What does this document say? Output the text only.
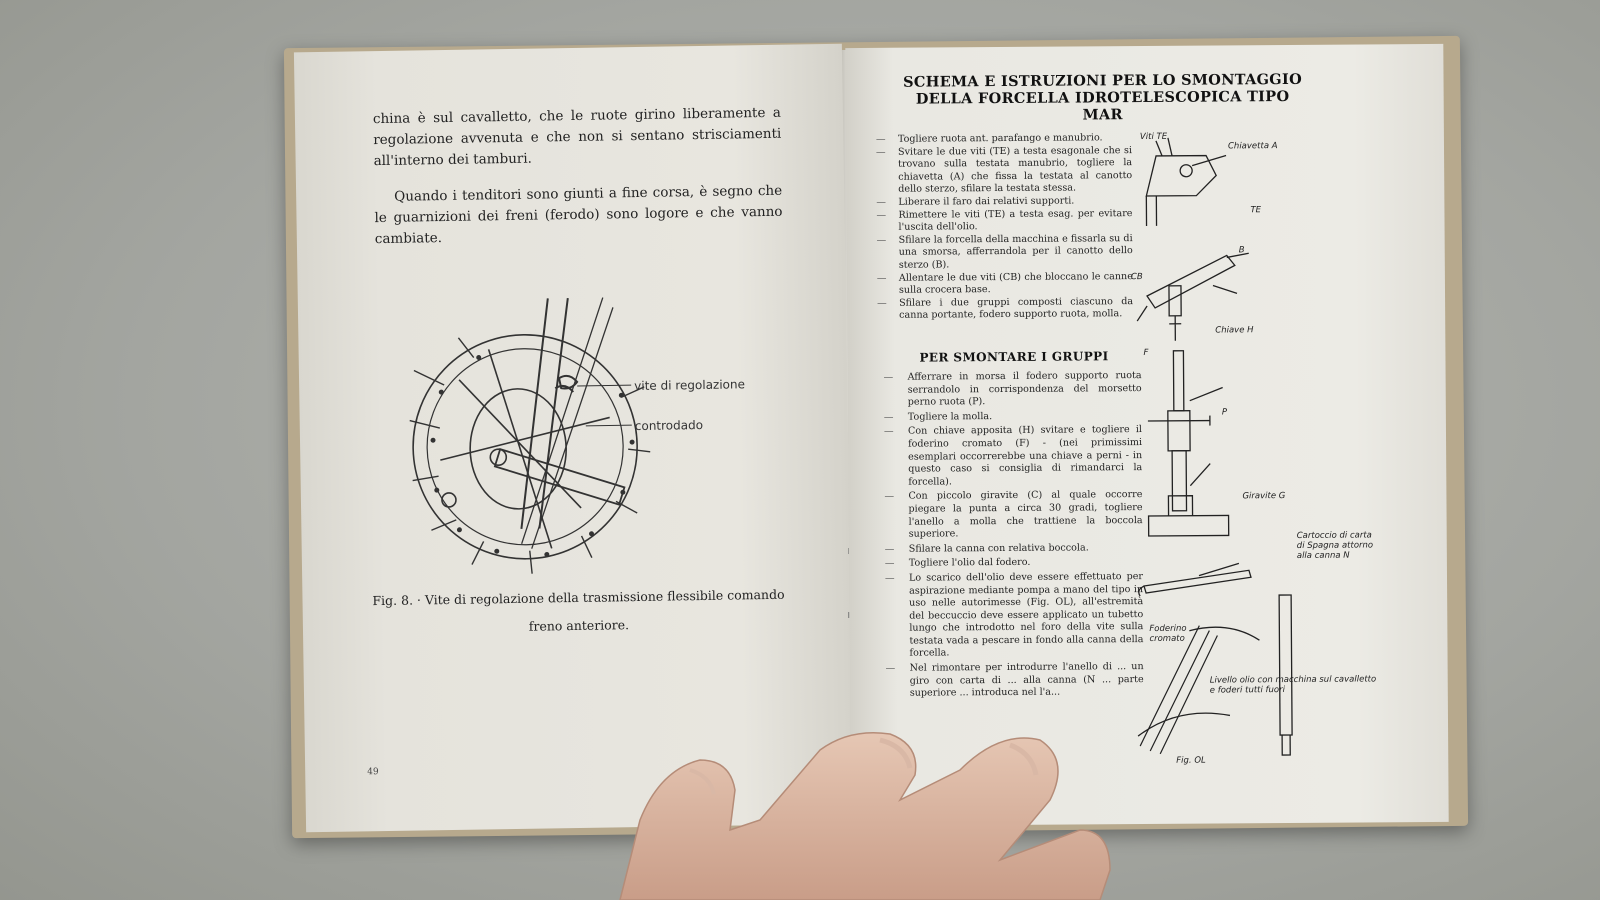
china è sul cavalletto, che le ruote girino liberamente a regolazione avvenuta e che non si sentano strisciamenti all'interno dei tamburi.
Quando i tenditori sono giunti a fine corsa, è segno che le guarnizioni dei freni (ferodo) sono logore e che vanno cambiate.
vite di regolazione
controdado
Fig. 8. · Vite di regolazione della trasmissione flessibile comando
freno anteriore.
49
SCHEMA E ISTRUZIONI PER LO SMONTAGGIO
DELLA FORCELLA IDROTELESCOPICA TIPO MAR
— Togliere ruota ant. parafango e manubrio.
— Svitare le due viti (TE) a testa esagonale che si trovano sulla testata manubrio, togliere la chiavetta (A) che fissa la testata al canotto dello sterzo, sfilare la testata stessa.
— Liberare il faro dai relativi supporti.
— Rimettere le viti (TE) a testa esag. per evitare l'uscita dell'olio.
— Sfilare la forcella della macchina e fissarla su di una smorsa, afferrandola per il canotto dello sterzo (B).
— Allentare le due viti (CB) che bloccano le canne sulla crocera base.
— Sfilare i due gruppi composti ciascuno da canna portante, fodero supporto ruota, molla.
PER SMONTARE I GRUPPI
— Afferrare in morsa il fodero supporto ruota serrandolo in corrispondenza del morsetto perno ruota (P).
— Togliere la molla.
— Con chiave apposita (H) svitare e togliere il foderino cromato (F) - (nei primissimi esemplari occorrerebbe una chiave a perni - in questo caso si consiglia di rimandarci la forcella).
— Con piccolo giravite (C) al quale occorre piegare la punta a circa 30 gradi, togliere l'anello a molla che trattiene la boccola superiore.
— Sfilare la canna con relativa boccola.
— Togliere l'olio dal fodero.
— Lo scarico dell'olio deve essere effettuato per aspirazione mediante pompa a mano del tipo in uso nelle autorimesse (Fig. OL), all'estremità del beccuccio deve essere applicato un tubetto lungo che introdotto nel foro della vite sulla testata vada a pescare in fondo alla canna della forcella.
— Nel rimontare per introdurre l'anello di ... un giro con carta di ... alla canna (N ... parte superiore ... introduca nel l'a...
Viti TE
Chiavetta A
TE
B
CB
Chiave H
F
P
Giravite G
Cartoccio di carta di Spagna attorno alla canna N
Foderino cromato
Livello olio con macchina sul cavalletto e foderi tutti fuori
Fig. OL
